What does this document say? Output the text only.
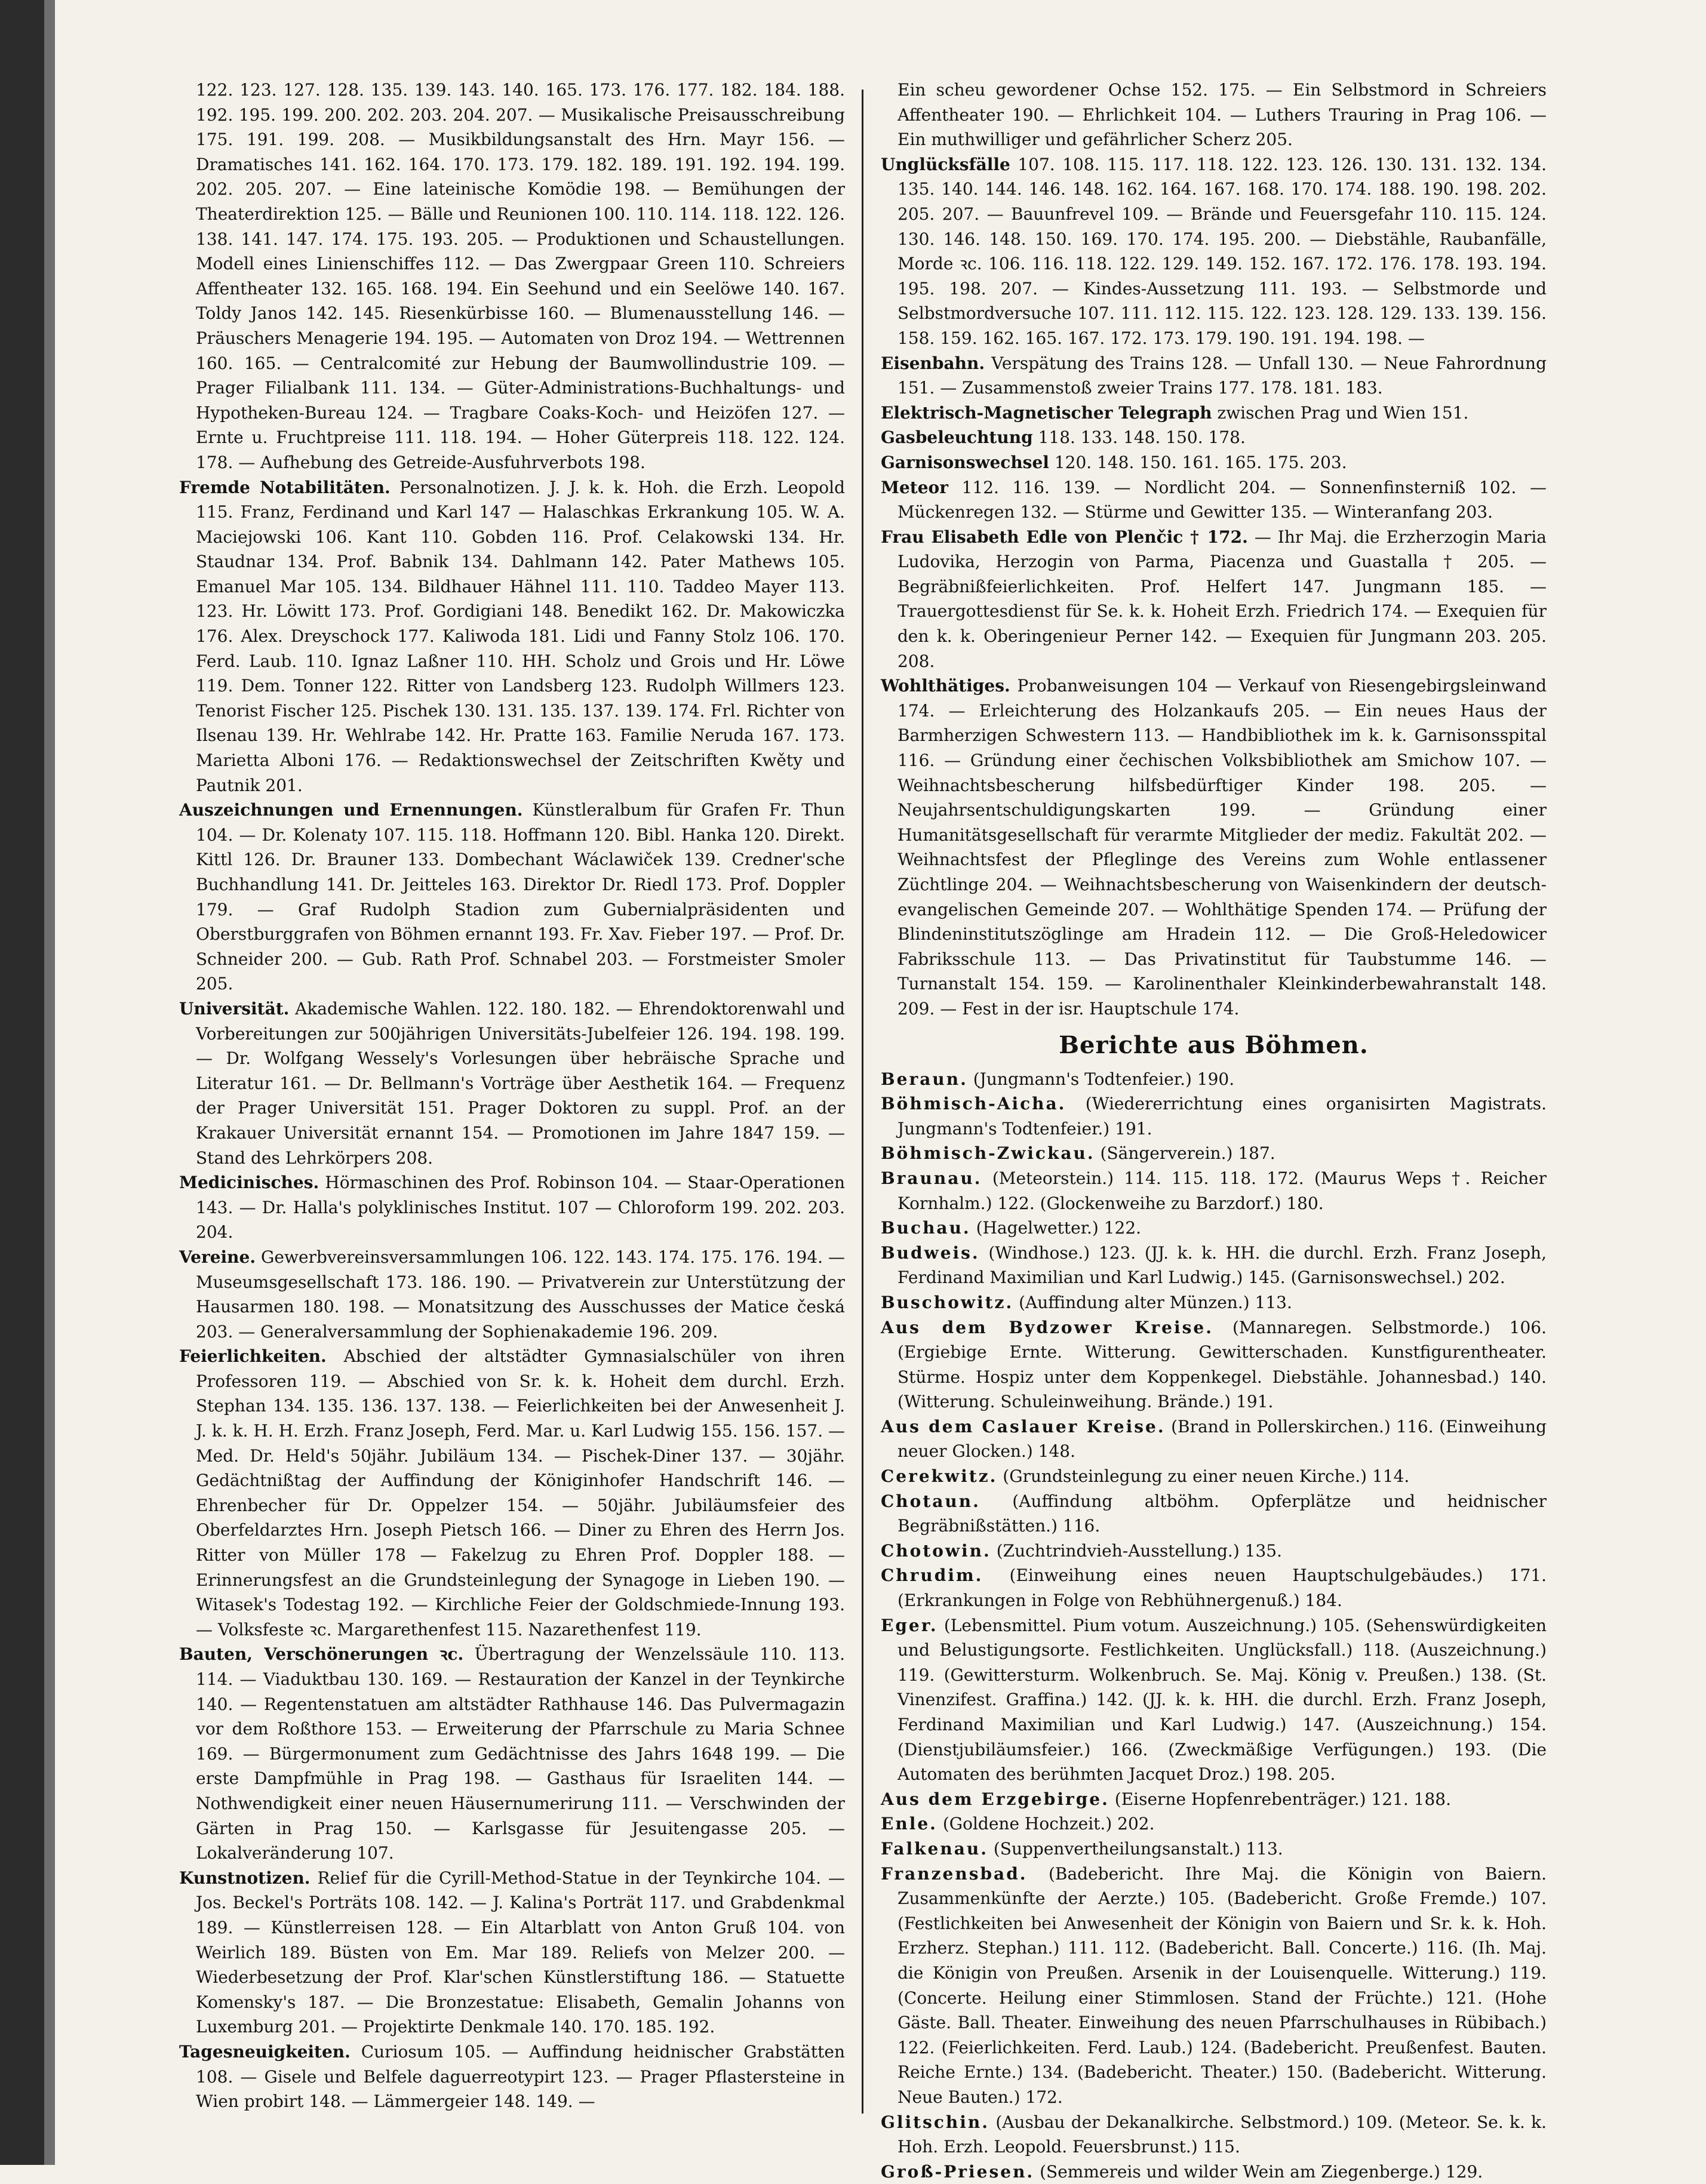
122. 123. 127. 128. 135. 139. 143. 140. 165. 173. 176. 177. 182. 184. 188. 192. 195. 199. 200. 202. 203. 204. 207. — Musikalische Preisausschreibung 175. 191. 199. 208. — Musikbildungsanstalt des Hrn. Mayr 156. — Dramatisches 141. 162. 164. 170. 173. 179. 182. 189. 191. 192. 194. 199. 202. 205. 207. — Eine lateinische Komödie 198. — Bemühungen der Theaterdirektion 125. — Bälle und Reunionen 100. 110. 114. 118. 122. 126. 138. 141. 147. 174. 175. 193. 205. — Produktionen und Schaustellungen. Modell eines Linienschiffes 112. — Das Zwergpaar Green 110. Schreiers Affentheater 132. 165. 168. 194. Ein Seehund und ein Seelöwe 140. 167. Toldy Janos 142. 145. Riesenkürbisse 160. — Blumenausstellung 146. — Präuschers Menagerie 194. 195. — Automaten von Droz 194. — Wettrennen 160. 165. — Centralcomité zur Hebung der Baumwollindustrie 109. — Prager Filialbank 111. 134. — Güter-Administrations-Buchhaltungs- und Hypotheken-Bureau 124. — Tragbare Coaks-Koch- und Heizöfen 127. — Ernte u. Fruchtpreise 111. 118. 194. — Hoher Güterpreis 118. 122. 124. 178. — Aufhebung des Getreide-Ausfuhrverbots 198.

Fremde Notabilitäten. Personalnotizen. J. J. k. k. Hoh. die Erzh. Leopold 115. Franz, Ferdinand und Karl 147 — Halaschkas Erkrankung 105. W. A. Maciejowski 106. Kant 110. Gobden 116. Prof. Celakowski 134. Hr. Staudnar 134. Prof. Babnik 134. Dahlmann 142. Pater Mathews 105. Emanuel Mar 105. 134. Bildhauer Hähnel 111. 110. Taddeo Mayer 113. 123. Hr. Löwitt 173. Prof. Gordigiani 148. Benedikt 162. Dr. Makowiczka 176. Alex. Dreyschock 177. Kaliwoda 181. Lidi und Fanny Stolz 106. 170. Ferd. Laub. 110. Ignaz Laßner 110. HH. Scholz und Grois und Hr. Löwe 119. Dem. Tonner 122. Ritter von Landsberg 123. Rudolph Willmers 123. Tenorist Fischer 125. Pischek 130. 131. 135. 137. 139. 174. Frl. Richter von Ilsenau 139. Hr. Wehlrabe 142. Hr. Pratte 163. Familie Neruda 167. 173. Marietta Alboni 176. — Redaktionswechsel der Zeitschriften Kwěty und Pautnik 201.

Auszeichnungen und Ernennungen. Künstleralbum für Grafen Fr. Thun 104. — Dr. Kolenaty 107. 115. 118. Hoffmann 120. Bibl. Hanka 120. Direkt. Kittl 126. Dr. Brauner 133. Dombechant Wáclawiček 139. Credner'sche Buchhandlung 141. Dr. Jeitteles 163. Direktor Dr. Riedl 173. Prof. Doppler 179. — Graf Rudolph Stadion zum Gubernialpräsidenten und Oberstburggrafen von Böhmen ernannt 193. Fr. Xav. Fieber 197. — Prof. Dr. Schneider 200. — Gub. Rath Prof. Schnabel 203. — Forstmeister Smoler 205.

Universität. Akademische Wahlen. 122. 180. 182. — Ehrendoktorenwahl und Vorbereitungen zur 500jährigen Universitäts-Jubelfeier 126. 194. 198. 199. — Dr. Wolfgang Wessely's Vorlesungen über hebräische Sprache und Literatur 161. — Dr. Bellmann's Vorträge über Aesthetik 164. — Frequenz der Prager Universität 151. Prager Doktoren zu suppl. Prof. an der Krakauer Universität ernannt 154. — Promotionen im Jahre 1847 159. — Stand des Lehrkörpers 208.

Medicinisches. Hörmaschinen des Prof. Robinson 104. — Staar-Operationen 143. — Dr. Halla's polyklinisches Institut. 107 — Chloroform 199. 202. 203. 204.

Vereine. Gewerbvereinsversammlungen 106. 122. 143. 174. 175. 176. 194. — Museumsgesellschaft 173. 186. 190. — Privatverein zur Unterstützung der Hausarmen 180. 198. — Monatsitzung des Ausschusses der Matice česká 203. — Generalversammlung der Sophienakademie 196. 209.

Feierlichkeiten. Abschied der altstädter Gymnasialschüler von ihren Professoren 119. — Abschied von Sr. k. k. Hoheit dem durchl. Erzh. Stephan 134. 135. 136. 137. 138. — Feierlichkeiten bei der Anwesenheit J. J. k. k. H. H. Erzh. Franz Joseph, Ferd. Mar. u. Karl Ludwig 155. 156. 157. — Med. Dr. Held's 50jähr. Jubiläum 134. — Pischek-Diner 137. — 30jähr. Gedächtnißtag der Auffindung der Königinhofer Handschrift 146. — Ehrenbecher für Dr. Oppelzer 154. — 50jähr. Jubiläumsfeier des Oberfeldarztes Hrn. Joseph Pietsch 166. — Diner zu Ehren des Herrn Jos. Ritter von Müller 178 — Fakelzug zu Ehren Prof. Doppler 188. — Erinnerungsfest an die Grundsteinlegung der Synagoge in Lieben 190. — Witasek's Todestag 192. — Kirchliche Feier der Goldschmiede-Innung 193. — Volksfeste ꝛc. Margarethenfest 115. Nazarethenfest 119.

Bauten, Verschönerungen ꝛc. Übertragung der Wenzelssäule 110. 113. 114. — Viaduktbau 130. 169. — Restauration der Kanzel in der Teynkirche 140. — Regentenstatuen am altstädter Rathhause 146. Das Pulvermagazin vor dem Roßthore 153. — Erweiterung der Pfarrschule zu Maria Schnee 169. — Bürgermonument zum Gedächtnisse des Jahrs 1648 199. — Die erste Dampfmühle in Prag 198. — Gasthaus für Israeliten 144. — Nothwendigkeit einer neuen Häusernumerirung 111. — Verschwinden der Gärten in Prag 150. — Karlsgasse für Jesuitengasse 205. — Lokalveränderung 107.

Kunstnotizen. Relief für die Cyrill-Method-Statue in der Teynkirche 104. — Jos. Beckel's Porträts 108. 142. — J. Kalina's Porträt 117. und Grabdenkmal 189. — Künstlerreisen 128. — Ein Altarblatt von Anton Gruß 104. von Weirlich 189. Büsten von Em. Mar 189. Reliefs von Melzer 200. — Wiederbesetzung der Prof. Klar'schen Künstlerstiftung 186. — Statuette Komensky's 187. — Die Bronzestatue: Elisabeth, Gemalin Johanns von Luxemburg 201. — Projektirte Denkmale 140. 170. 185. 192.

Tagesneuigkeiten. Curiosum 105. — Auffindung heidnischer Grabstätten 108. — Gisele und Belfele daguerreotypirt 123. — Prager Pflastersteine in Wien probirt 148. — Lämmergeier 148. 149. —

Ein scheu gewordener Ochse 152. 175. — Ein Selbstmord in Schreiers Affentheater 190. — Ehrlichkeit 104. — Luthers Trauring in Prag 106. — Ein muthwilliger und gefährlicher Scherz 205.

Unglücksfälle 107. 108. 115. 117. 118. 122. 123. 126. 130. 131. 132. 134. 135. 140. 144. 146. 148. 162. 164. 167. 168. 170. 174. 188. 190. 198. 202. 205. 207. — Bauunfrevel 109. — Brände und Feuersgefahr 110. 115. 124. 130. 146. 148. 150. 169. 170. 174. 195. 200. — Diebstähle, Raubanfälle, Morde ꝛc. 106. 116. 118. 122. 129. 149. 152. 167. 172. 176. 178. 193. 194. 195. 198. 207. — Kindes-Aussetzung 111. 193. — Selbstmorde und Selbstmordversuche 107. 111. 112. 115. 122. 123. 128. 129. 133. 139. 156. 158. 159. 162. 165. 167. 172. 173. 179. 190. 191. 194. 198. —

Eisenbahn. Verspätung des Trains 128. — Unfall 130. — Neue Fahrordnung 151. — Zusammenstoß zweier Trains 177. 178. 181. 183.

Elektrisch-Magnetischer Telegraph zwischen Prag und Wien 151.

Gasbeleuchtung 118. 133. 148. 150. 178.

Garnisonswechsel 120. 148. 150. 161. 165. 175. 203.

Meteor 112. 116. 139. — Nordlicht 204. — Sonnenfinsterniß 102. — Mückenregen 132. — Stürme und Gewitter 135. — Winteranfang 203.

Frau Elisabeth Edle von Plenčic † 172. — Ihr Maj. die Erzherzogin Maria Ludovika, Herzogin von Parma, Piacenza und Guastalla † 205. — Begräbnißfeierlichkeiten. Prof. Helfert 147. Jungmann 185. — Trauergottesdienst für Se. k. k. Hoheit Erzh. Friedrich 174. — Exequien für den k. k. Oberingenieur Perner 142. — Exequien für Jungmann 203. 205. 208.

Wohlthätiges. Probanweisungen 104 — Verkauf von Riesengebirgsleinwand 174. — Erleichterung des Holzankaufs 205. — Ein neues Haus der Barmherzigen Schwestern 113. — Handbibliothek im k. k. Garnisonsspital 116. — Gründung einer čechischen Volksbibliothek am Smichow 107. — Weihnachtsbescherung hilfsbedürftiger Kinder 198. 205. — Neujahrsentschuldigungskarten 199. — Gründung einer Humanitätsgesellschaft für verarmte Mitglieder der mediz. Fakultät 202. — Weihnachtsfest der Pfleglinge des Vereins zum Wohle entlassener Züchtlinge 204. — Weihnachtsbescherung von Waisenkindern der deutsch-evangelischen Gemeinde 207. — Wohlthätige Spenden 174. — Prüfung der Blindeninstitutszöglinge am Hradein 112. — Die Groß-Heledowicer Fabriksschule 113. — Das Privatinstitut für Taubstumme 146. — Turnanstalt 154. 159. — Karolinenthaler Kleinkinderbewahranstalt 148. 209. — Fest in der isr. Hauptschule 174.

Berichte aus Böhmen.

Beraun. (Jungmann's Todtenfeier.) 190.

Böhmisch-Aicha. (Wiedererrichtung eines organisirten Magistrats. Jungmann's Todtenfeier.) 191.

Böhmisch-Zwickau. (Sängerverein.) 187.

Braunau. (Meteorstein.) 114. 115. 118. 172. (Maurus Weps †. Reicher Kornhalm.) 122. (Glockenweihe zu Barzdorf.) 180.

Buchau. (Hagelwetter.) 122.

Budweis. (Windhose.) 123. (JJ. k. k. HH. die durchl. Erzh. Franz Joseph, Ferdinand Maximilian und Karl Ludwig.) 145. (Garnisonswechsel.) 202.

Buschowitz. (Auffindung alter Münzen.) 113.

Aus dem Bydzower Kreise. (Mannaregen. Selbstmorde.) 106. (Ergiebige Ernte. Witterung. Gewitterschaden. Kunstfigurentheater. Stürme. Hospiz unter dem Koppenkegel. Diebstähle. Johannesbad.) 140. (Witterung. Schuleinweihung. Brände.) 191.

Aus dem Caslauer Kreise. (Brand in Pollerskirchen.) 116. (Einweihung neuer Glocken.) 148.

Cerekwitz. (Grundsteinlegung zu einer neuen Kirche.) 114.

Chotaun. (Auffindung altböhm. Opferplätze und heidnischer Begräbnißstätten.) 116.

Chotowin. (Zuchtrindvieh-Ausstellung.) 135.

Chrudim. (Einweihung eines neuen Hauptschulgebäudes.) 171. (Erkrankungen in Folge von Rebhühnergenuß.) 184.

Eger. (Lebensmittel. Pium votum. Auszeichnung.) 105. (Sehenswürdigkeiten und Belustigungsorte. Festlichkeiten. Unglücksfall.) 118. (Auszeichnung.) 119. (Gewittersturm. Wolkenbruch. Se. Maj. König v. Preußen.) 138. (St. Vinenzifest. Graffina.) 142. (JJ. k. k. HH. die durchl. Erzh. Franz Joseph, Ferdinand Maximilian und Karl Ludwig.) 147. (Auszeichnung.) 154. (Dienstjubiläumsfeier.) 166. (Zweckmäßige Verfügungen.) 193. (Die Automaten des berühmten Jacquet Droz.) 198. 205.

Aus dem Erzgebirge. (Eiserne Hopfenrebenträger.) 121. 188.

Enle. (Goldene Hochzeit.) 202.

Falkenau. (Suppenvertheilungsanstalt.) 113.

Franzensbad. (Badebericht. Ihre Maj. die Königin von Baiern. Zusammenkünfte der Aerzte.) 105. (Badebericht. Große Fremde.) 107. (Festlichkeiten bei Anwesenheit der Königin von Baiern und Sr. k. k. Hoh. Erzherz. Stephan.) 111. 112. (Badebericht. Ball. Concerte.) 116. (Ih. Maj. die Königin von Preußen. Arsenik in der Louisenquelle. Witterung.) 119. (Concerte. Heilung einer Stimmlosen. Stand der Früchte.) 121. (Hohe Gäste. Ball. Theater. Einweihung des neuen Pfarrschulhauses in Rübibach.) 122. (Feierlichkeiten. Ferd. Laub.) 124. (Badebericht. Preußenfest. Bauten. Reiche Ernte.) 134. (Badebericht. Theater.) 150. (Badebericht. Witterung. Neue Bauten.) 172.

Glitschin. (Ausbau der Dekanalkirche. Selbstmord.) 109. (Meteor. Se. k. k. Hoh. Erzh. Leopold. Feuersbrunst.) 115.

Groß-Priesen. (Semmereis und wilder Wein am Ziegenberge.) 129.
